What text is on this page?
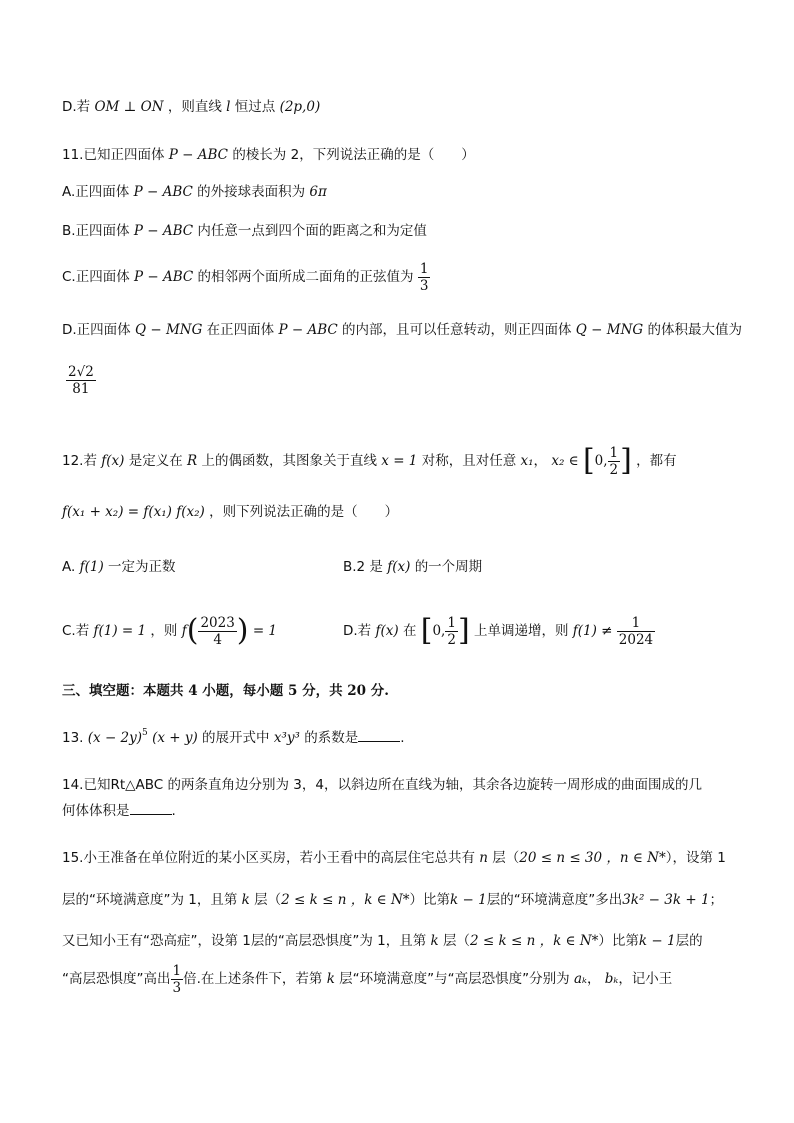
D.若 OM ⊥ ON ，则直线 l 恒过点 (2p,0)
11.已知正四面体 P − ABC 的棱长为 2，下列说法正确的是（　　）
A.正四面体 P − ABC 的外接球表面积为 6π
B.正四面体 P − ABC 内任意一点到四个面的距离之和为定值
C.正四面体 P − ABC 的相邻两个面所成二面角的正弦值为 $\frac{1}{3}$
D.正四面体 Q − MNG 在正四面体 P − ABC 的内部，且可以任意转动，则正四面体 Q − MNG 的体积最大值为
$\frac{2√2}{81}$
12.若 f(x) 是定义在 R 上的偶函数，其图象关于直线 x = 1 对称，且对任意 x₁， x₂ ∈ [0, $\frac{1}{2}$ ] ，都有
f(x₁ + x₂) = f(x₁) f(x₂) ，则下列说法正确的是（　　）
A. f(1) 一定为正数	B.2 是 f(x) 的一个周期
C.若 f(1) = 1 ，则 $f( \frac{2023}{4}$ ) = 1	D.若 f(x) 在 [0, $\frac{1}{2}$ ] 上单调递增，则 $f(1) \ne \frac{1}{2024}$
三、填空题：本题共 4 小题，每小题 5 分，共 20 分.
13. $(x - 2y)^5$ (x + y) 的展开式中 x³y³ 的系数是	.
14.已知Rt△ABC 的两条直角边分别为 3，4，以斜边所在直线为轴，其余各边旋转一周形成的曲面围成的几
何体体积是	.
15.小王准备在单位附近的某小区买房，若小王看中的高层住宅总共有 n 层（20 ≤ n ≤ 30 ，n ∈ N*），设第 1
层的“环境满意度”为 1，且第 k 层（2 ≤ k ≤ n ，k ∈ N*）比第k − 1层的“环境满意度”多出3k² − 3k + 1；
又已知小王有“恐高症”，设第 1层的“高层恐惧度”为 1，且第 k 层（2 ≤ k ≤ n ，k ∈ N*）比第k − 1层的
“高层恐惧度”高出 $\frac{1}{3}$ 倍.在上述条件下，若第 k 层“环境满意度”与“高层恐惧度”分别为 aₖ， bₖ，记小王
